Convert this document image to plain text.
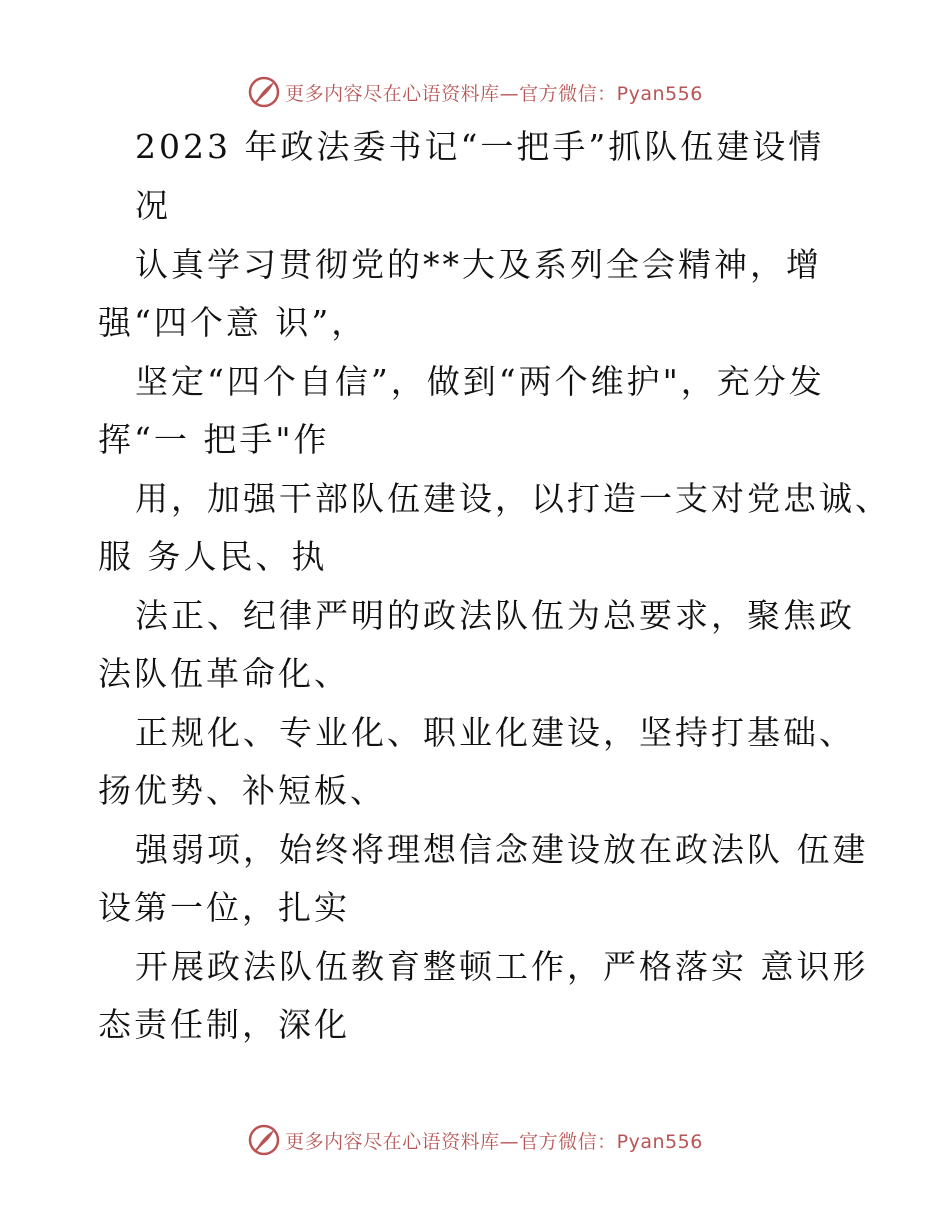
更多内容尽在心语资料库—官方微信：Pyan556
2023 年政法委书记“一把手”抓队伍建设情
况
认真学习贯彻党的**大及系列全会精神，增
强“四个意 识”，
坚定“四个自信”，做到“两个维护"，充分发
挥“一 把手"作
用，加强干部队伍建设，以打造一支对党忠诚、
服 务人民、执
法正、纪律严明的政法队伍为总要求，聚焦政
法队伍革命化、
正规化、专业化、职业化建设，坚持打基础、
扬优势、补短板、
强弱项，始终将理想信念建设放在政法队 伍建
设第一位，扎实
开展政法队伍教育整顿工作，严格落实 意识形
态责任制，深化
更多内容尽在心语资料库—官方微信：Pyan556
